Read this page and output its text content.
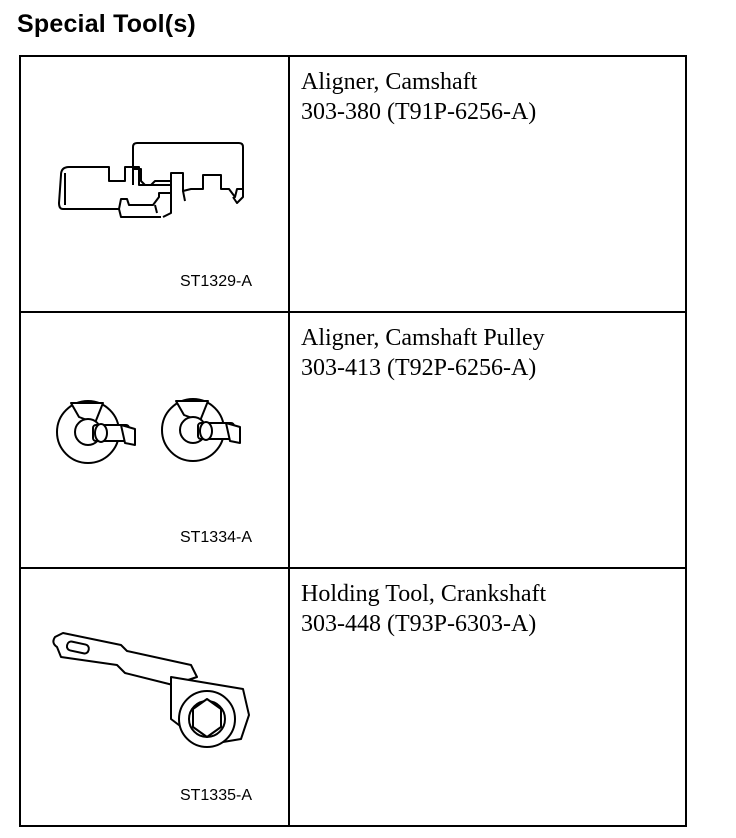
Special Tool(s)
ST1329-A
Aligner, Camshaft
303-380 (T91P-6256-A)
ST1334-A
Aligner, Camshaft Pulley
303-413 (T92P-6256-A)
ST1335-A
Holding Tool, Crankshaft
303-448 (T93P-6303-A)
